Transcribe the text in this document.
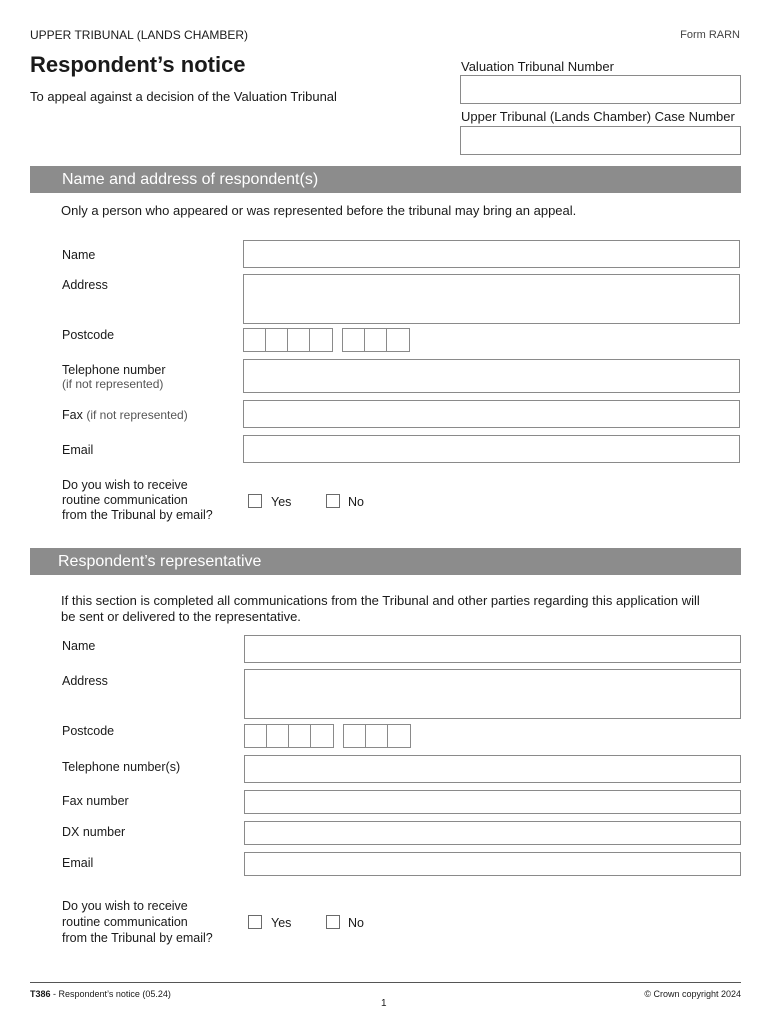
UPPER TRIBUNAL (LANDS CHAMBER)	Form RARN
Respondent’s notice
To appeal against a decision of the Valuation Tribunal
Valuation Tribunal Number
Upper Tribunal (Lands Chamber) Case Number
Name and address of respondent(s)
Only a person who appeared or was represented before the tribunal may bring an appeal.
Name
Address
Postcode
Telephone number
(if not represented)
Fax (if not represented)
Email
Do you wish to receive
routine communication
from the Tribunal by email?
Yes	No
Respondent’s representative
If this section is completed all communications from the Tribunal and other parties regarding this application will
be sent or delivered to the representative.
Name
Address
Postcode
Telephone number(s)
Fax number
DX number
Email
Do you wish to receive
routine communication
from the Tribunal by email?
Yes	No
T386 - Respondent’s notice (05.24)	© Crown copyright 2024
1
